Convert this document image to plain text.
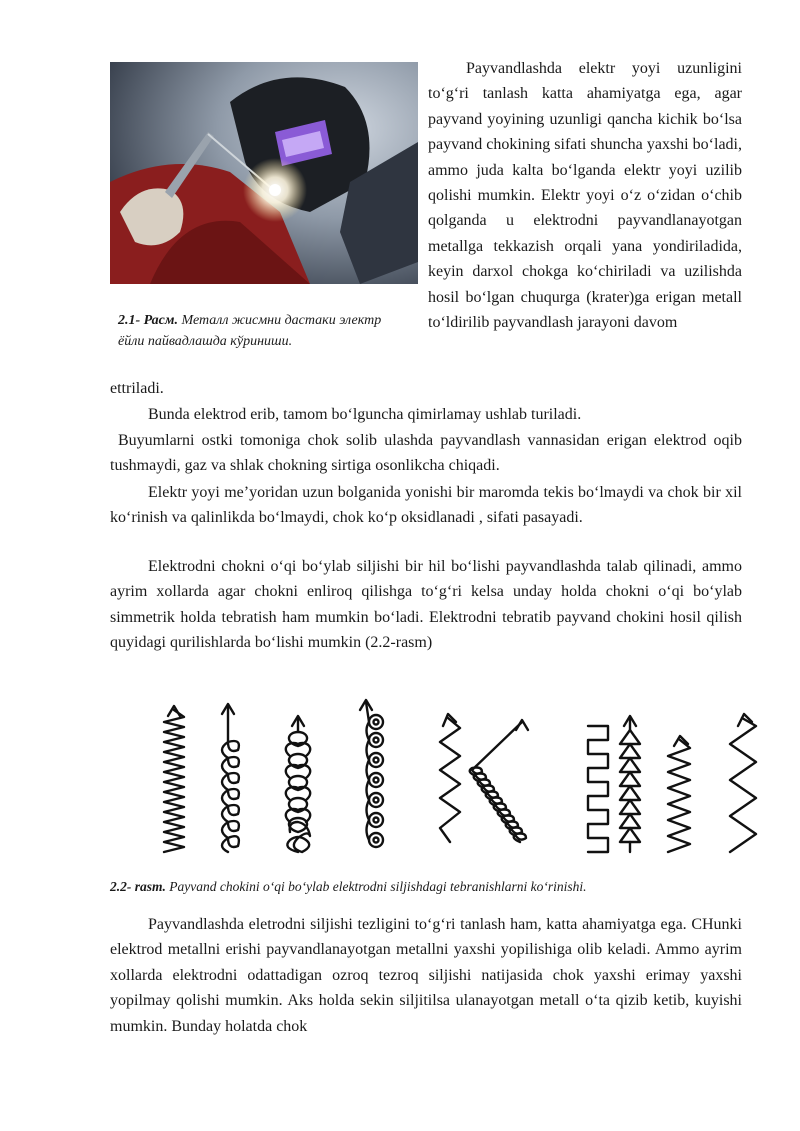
2.1- Расм. Металл жисмни дастаки электр ёйли пайвадлашда кўриниши.
Payvandlashda elektr yoyi uzunligini to‘g‘ri tanlash katta ahamiyatga ega, agar payvand yoyining uzunligi qancha kichik bo‘lsa payvand chokining sifati shuncha yaxshi bo‘ladi, ammo juda kalta bo‘lganda elektr yoyi uzilib qolishi mumkin. Elektr yoyi o‘z o‘zidan o‘chib qolganda u elektrodni payvandlanayotgan metallga tekkazish orqali yana yondiriladida, keyin darxol chokga ko‘chiriladi va uzilishda hosil bo‘lgan chuqurga (krater)ga erigan metall to‘ldirilib payvandlash jarayoni davom
ettriladi.
Bunda elektrod erib, tamom bo‘lguncha qimirlamay ushlab turiladi.
Buyumlarni ostki tomoniga chok solib ulashda payvandlash vannasidan erigan elektrod oqib tushmaydi, gaz va shlak chokning sirtiga osonlikcha chiqadi.
Elektr yoyi me’yoridan uzun bolganida yonishi bir maromda tekis bo‘lmaydi va chok bir xil ko‘rinish va qalinlikda bo‘lmaydi, chok ko‘p oksidlanadi , sifati pasayadi.
Elektrodni chokni o‘qi bo‘ylab siljishi bir hil bo‘lishi payvandlashda talab qilinadi, ammo ayrim xollarda agar chokni enliroq qilishga to‘g‘ri kelsa unday holda chokni o‘qi bo‘ylab simmetrik holda tebratish ham mumkin bo‘ladi. Elektrodni tebratib payvand chokini hosil qilish quyidagi qurilishlarda bo‘lishi mumkin (2.2-rasm)
2.2- rasm. Payvand chokini o‘qi bo‘ylab elektrodni siljishdagi tebranishlarni ko‘rinishi.
Payvandlashda eletrodni siljishi tezligini to‘g‘ri tanlash ham, katta ahamiyatga ega. CHunki elektrod metallni erishi payvandlanayotgan metallni yaxshi yopilishiga olib keladi. Ammo ayrim xollarda elektrodni odattadigan ozroq tezroq siljishi natijasida chok yaxshi erimay yaxshi yopilmay qolishi mumkin. Aks holda sekin siljitilsa ulanayotgan metall o‘ta qizib ketib, kuyishi mumkin. Bunday holatda chok
